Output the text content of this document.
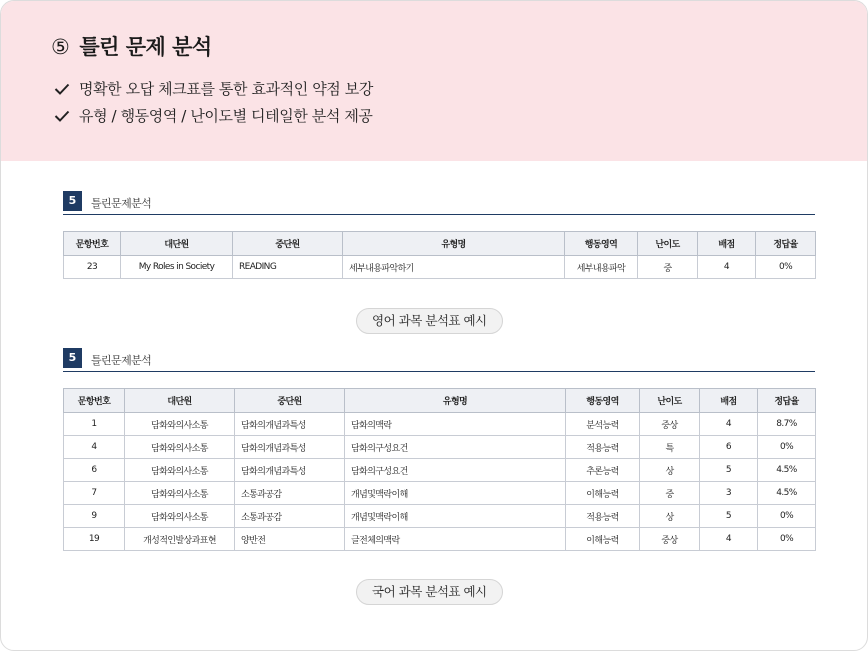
⑤ 틀린 문제 분석
명확한 오답 체크표를 통한 효과적인 약점 보강
유형 / 행동영역 / 난이도별 디테일한 분석 제공
5	틀린문제분석
문항번호	대단원	중단원	유형명	행동영역	난이도	배점	정답율
23	My Roles in Society	READING	세부내용파악하기	세부내용파악	중	4	0%
영어 과목 분석표 예시
5	틀린문제분석
문항번호	대단원	중단원	유형명	행동영역	난이도	배점	정답율
1	담화와의사소통	담화의개념과특성	담화의맥락	분석능력	중상	4	8.7%
4	담화와의사소통	담화의개념과특성	담화의구성요건	적용능력	특	6	0%
6	담화와의사소통	담화의개념과특성	담화의구성요건	추론능력	상	5	4.5%
7	담화와의사소통	소통과공감	개념및맥락이해	이해능력	중	3	4.5%
9	담화와의사소통	소통과공감	개념및맥락이해	적용능력	상	5	0%
19	개성적인발상과표현	양반전	글전체의맥락	이해능력	중상	4	0%
국어 과목 분석표 예시
